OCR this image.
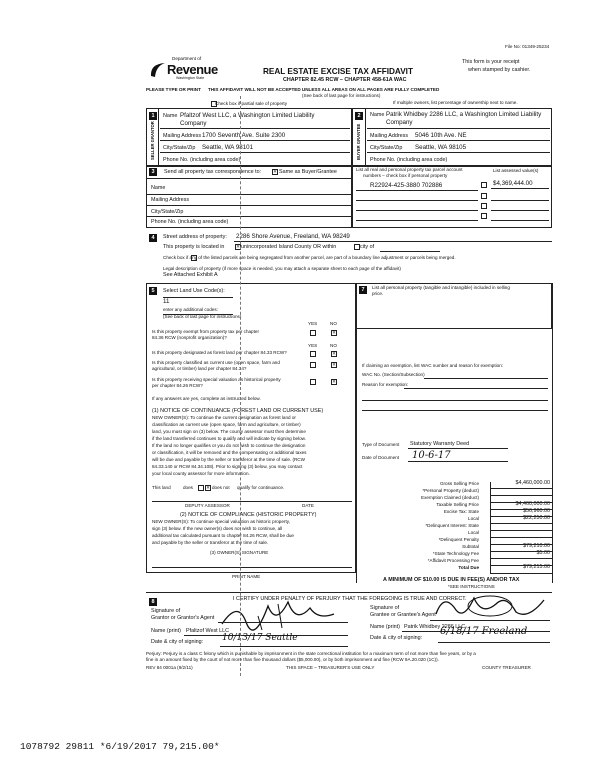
File No: 01349-25234
Department of
Revenue
Washington State
PLEASE TYPE OR PRINT
REAL ESTATE EXCISE TAX AFFIDAVIT
CHAPTER 82.45 RCW – CHAPTER 458-61A WAC
THIS AFFIDAVIT WILL NOT BE ACCEPTED UNLESS ALL AREAS ON ALL PAGES ARE FULLY COMPLETED
(See back of last page for instructions)
This form is your receipt
when stamped by cashier.
Check box if partial sale of property	If multiple owners, list percentage of ownership next to name.
1
SELLER GRANTOR
Name Pfaltzof West LLC, a Washington Limited Liability
Company
Mailing Address 1700 Seventh Ave. Suite 2300
City/State/Zip Seattle, WA 98101
Phone No. (including area code)
2
BUYER GRANTEE
Name Patrik Whidbey 2286 LLC, a Washington Limited Liability
Company
Mailing Address 5046 10th Ave. NE
City/State/Zip Seattle, WA 98105
Phone No. (including area code)
3	Send all property tax correspondence to:	✕ Same as Buyer/Grantee
Name
Mailing Address
City/State/Zip
Phone No. (including area code)
List all real and personal property tax parcel account
numbers – check box if personal property
List assessed value(s)
R22924-425-3880 702886	$4,369,444.00
4	Street address of property: 2286 Shore Avenue, Freeland, WA 98249
This property is located in	✕ unincorporated Island County OR within	city of
Check box if any of the listed parcels are being segregated from another parcel, are part of a boundary line adjustment or parcels being merged.
Legal description of property (if more space is needed, you may attach a separate sheet to each page of the affidavit)
See Attached Exhibit A
5	Select Land Use Code(s):
11
enter any additional codes:
(See back of last page for instructions)
YES	NO
Is this property exempt from property tax per chapter
84.36 RCW (nonprofit organization)?
✕
YES	NO
Is this property designated as forest land per chapter 84.33 RCW?	✕
Is this property classified as current use (open space, farm and
agricultural, or timber) land per chapter 84.34?
✕
Is this property receiving special valuation as historical property
per chapter 84.26 RCW?
✕
If any answers are yes, complete as instructed below.
(1) NOTICE OF CONTINUANCE (FOREST LAND OR CURRENT USE)
NEW OWNER(S): To continue the current designation as forest land or
classification as current use (open space, farm and agriculture, or timber)
land, you must sign on (3) below. The county assessor must then determine
if the land transferred continues to qualify and will indicate by signing below.
If the land no longer qualifies or you do not wish to continue the designation
or classification, it will be removed and the compensating or additional taxes
will be due and payable by the seller or transferor at the time of sale. (RCW
84.33.140 or RCW 84.34.108). Prior to signing (3) below, you may contact
your local county assessor for more information.
This land	does	✕ does not qualify for continuance.
DEPUTY ASSESSOR	DATE
(2) NOTICE OF COMPLIANCE (HISTORIC PROPERTY)
NEW OWNER(S): To continue special valuation as historic property,
sign (3) below. If the new owner(s) does not wish to continue, all
additional tax calculated pursuant to chapter 84.26 RCW, shall be due
and payable by the seller or transferor at the time of sale.
(3) OWNER(S) SIGNATURE
PRINT NAME
7	List all personal property (tangible and intangible) included in selling
price.
If claiming an exemption, list WAC number and reason for exemption:
WAC No. (Section/Subsection)
Reason for exemption:
Type of Document Statutory Warranty Deed
Date of Document 10-6-17
Gross Selling Price	$4,460,000.00
*Personal Property (deduct)
Exemption Claimed (deduct)
Taxable Selling Price	$4,460,000.00
Excise Tax: State	$56,960.00
Local	$22,250.00
*Delinquent Interest: State
Local
*Delinquent Penalty
Subtotal	$79,210.00
*State Technology Fee	$5.00
*Affidavit Processing Fee
Total Due	$79,215.00
A MINIMUM OF $10.00 IS DUE IN FEE(S) AND/OR TAX
*SEE INSTRUCTIONS
8	I CERTIFY UNDER PENALTY OF PERJURY THAT THE FOREGOING IS TRUE AND CORRECT.
Signature of
Grantor or Grantor's Agent
Name (print) Pfaltzof West LLC
Date & city of signing: 10/13/17 Seattle
Signature of
Grantee or Grantee's Agent
Name (print) Patrik Whidbey 2286 LLC
Date & city of signing:
6/18/17 Freeland
Perjury: Perjury is a class C felony which is punishable by imprisonment in the state correctional institution for a maximum term of not more than five years, or by a
fine in an amount fixed by the court of not more than five thousand dollars ($5,000.00), or by both imprisonment and fine (RCW 9A.20.020 (1C)).
REV 84 0001a (9/2/11)	THIS SPACE – TREASURER'S USE ONLY	COUNTY TREASURER
1078792 29811 *6/19/2017 79,215.00*
